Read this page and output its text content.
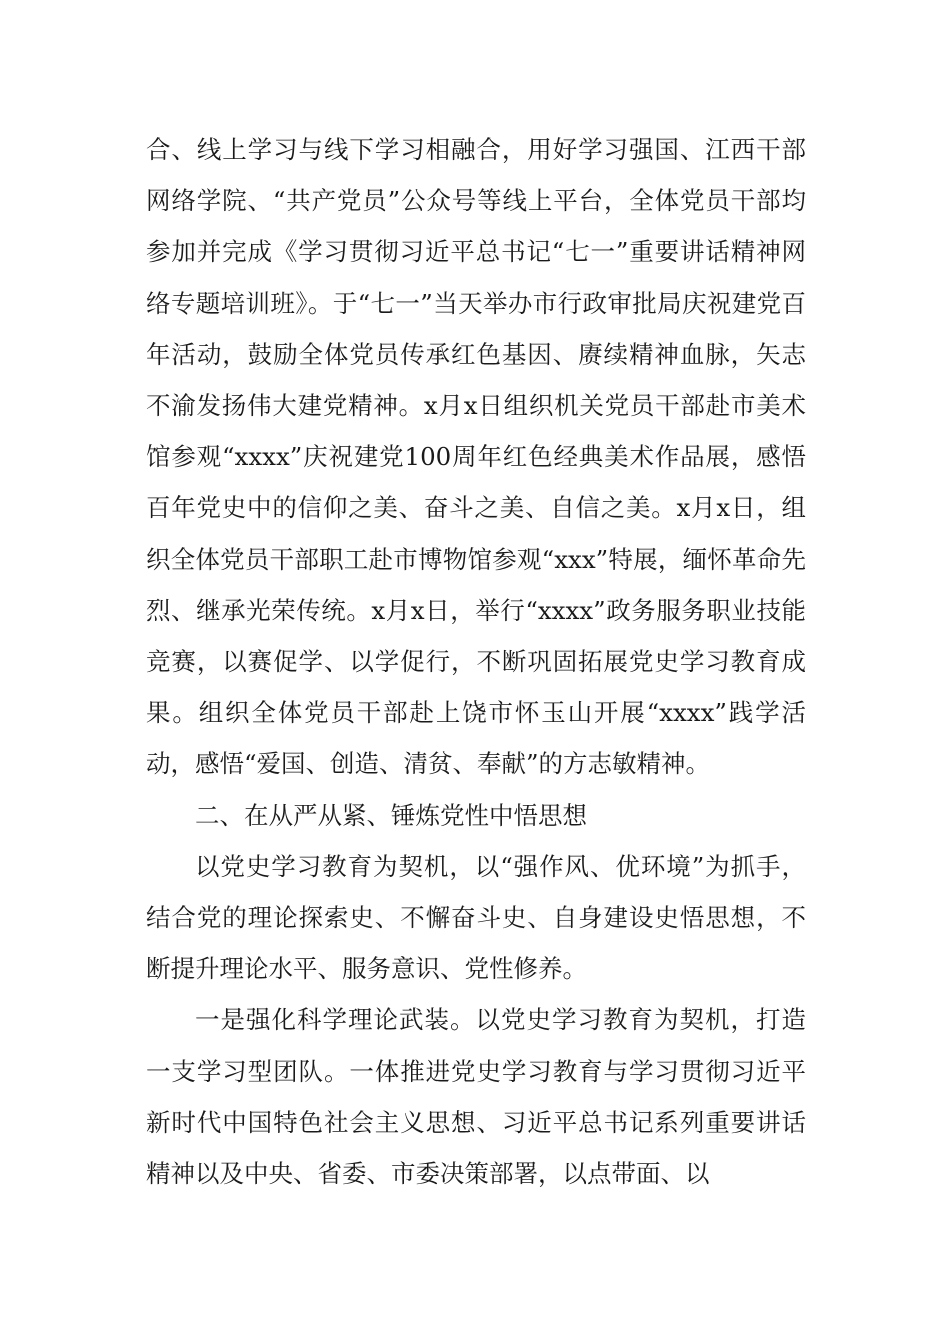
合、线上学习与线下学习相融合，用好学习强国、江西干部网络学院、“共产党员”公众号等线上平台，全体党员干部均参加并完成《学习贯彻习近平总书记“七一”重要讲话精神网络专题培训班》。于“七一”当天举办市行政审批局庆祝建党百年活动，鼓励全体党员传承红色基因、赓续精神血脉，矢志不渝发扬伟大建党精神。x月x日组织机关党员干部赴市美术馆参观“xxxx”庆祝建党100周年红色经典美术作品展，感悟百年党史中的信仰之美、奋斗之美、自信之美。x月x日，组织全体党员干部职工赴市博物馆参观“xxx”特展，缅怀革命先烈、继承光荣传统。x月x日，举行“xxxx”政务服务职业技能竞赛，以赛促学、以学促行，不断巩固拓展党史学习教育成果。组织全体党员干部赴上饶市怀玉山开展“xxxx”践学活动，感悟“爱国、创造、清贫、奉献”的方志敏精神。

二、在从严从紧、锤炼党性中悟思想

以党史学习教育为契机，以“强作风、优环境”为抓手，结合党的理论探索史、不懈奋斗史、自身建设史悟思想，不断提升理论水平、服务意识、党性修养。

一是强化科学理论武装。以党史学习教育为契机，打造一支学习型团队。一体推进党史学习教育与学习贯彻习近平新时代中国特色社会主义思想、习近平总书记系列重要讲话精神以及中央、省委、市委决策部署，以点带面、以
